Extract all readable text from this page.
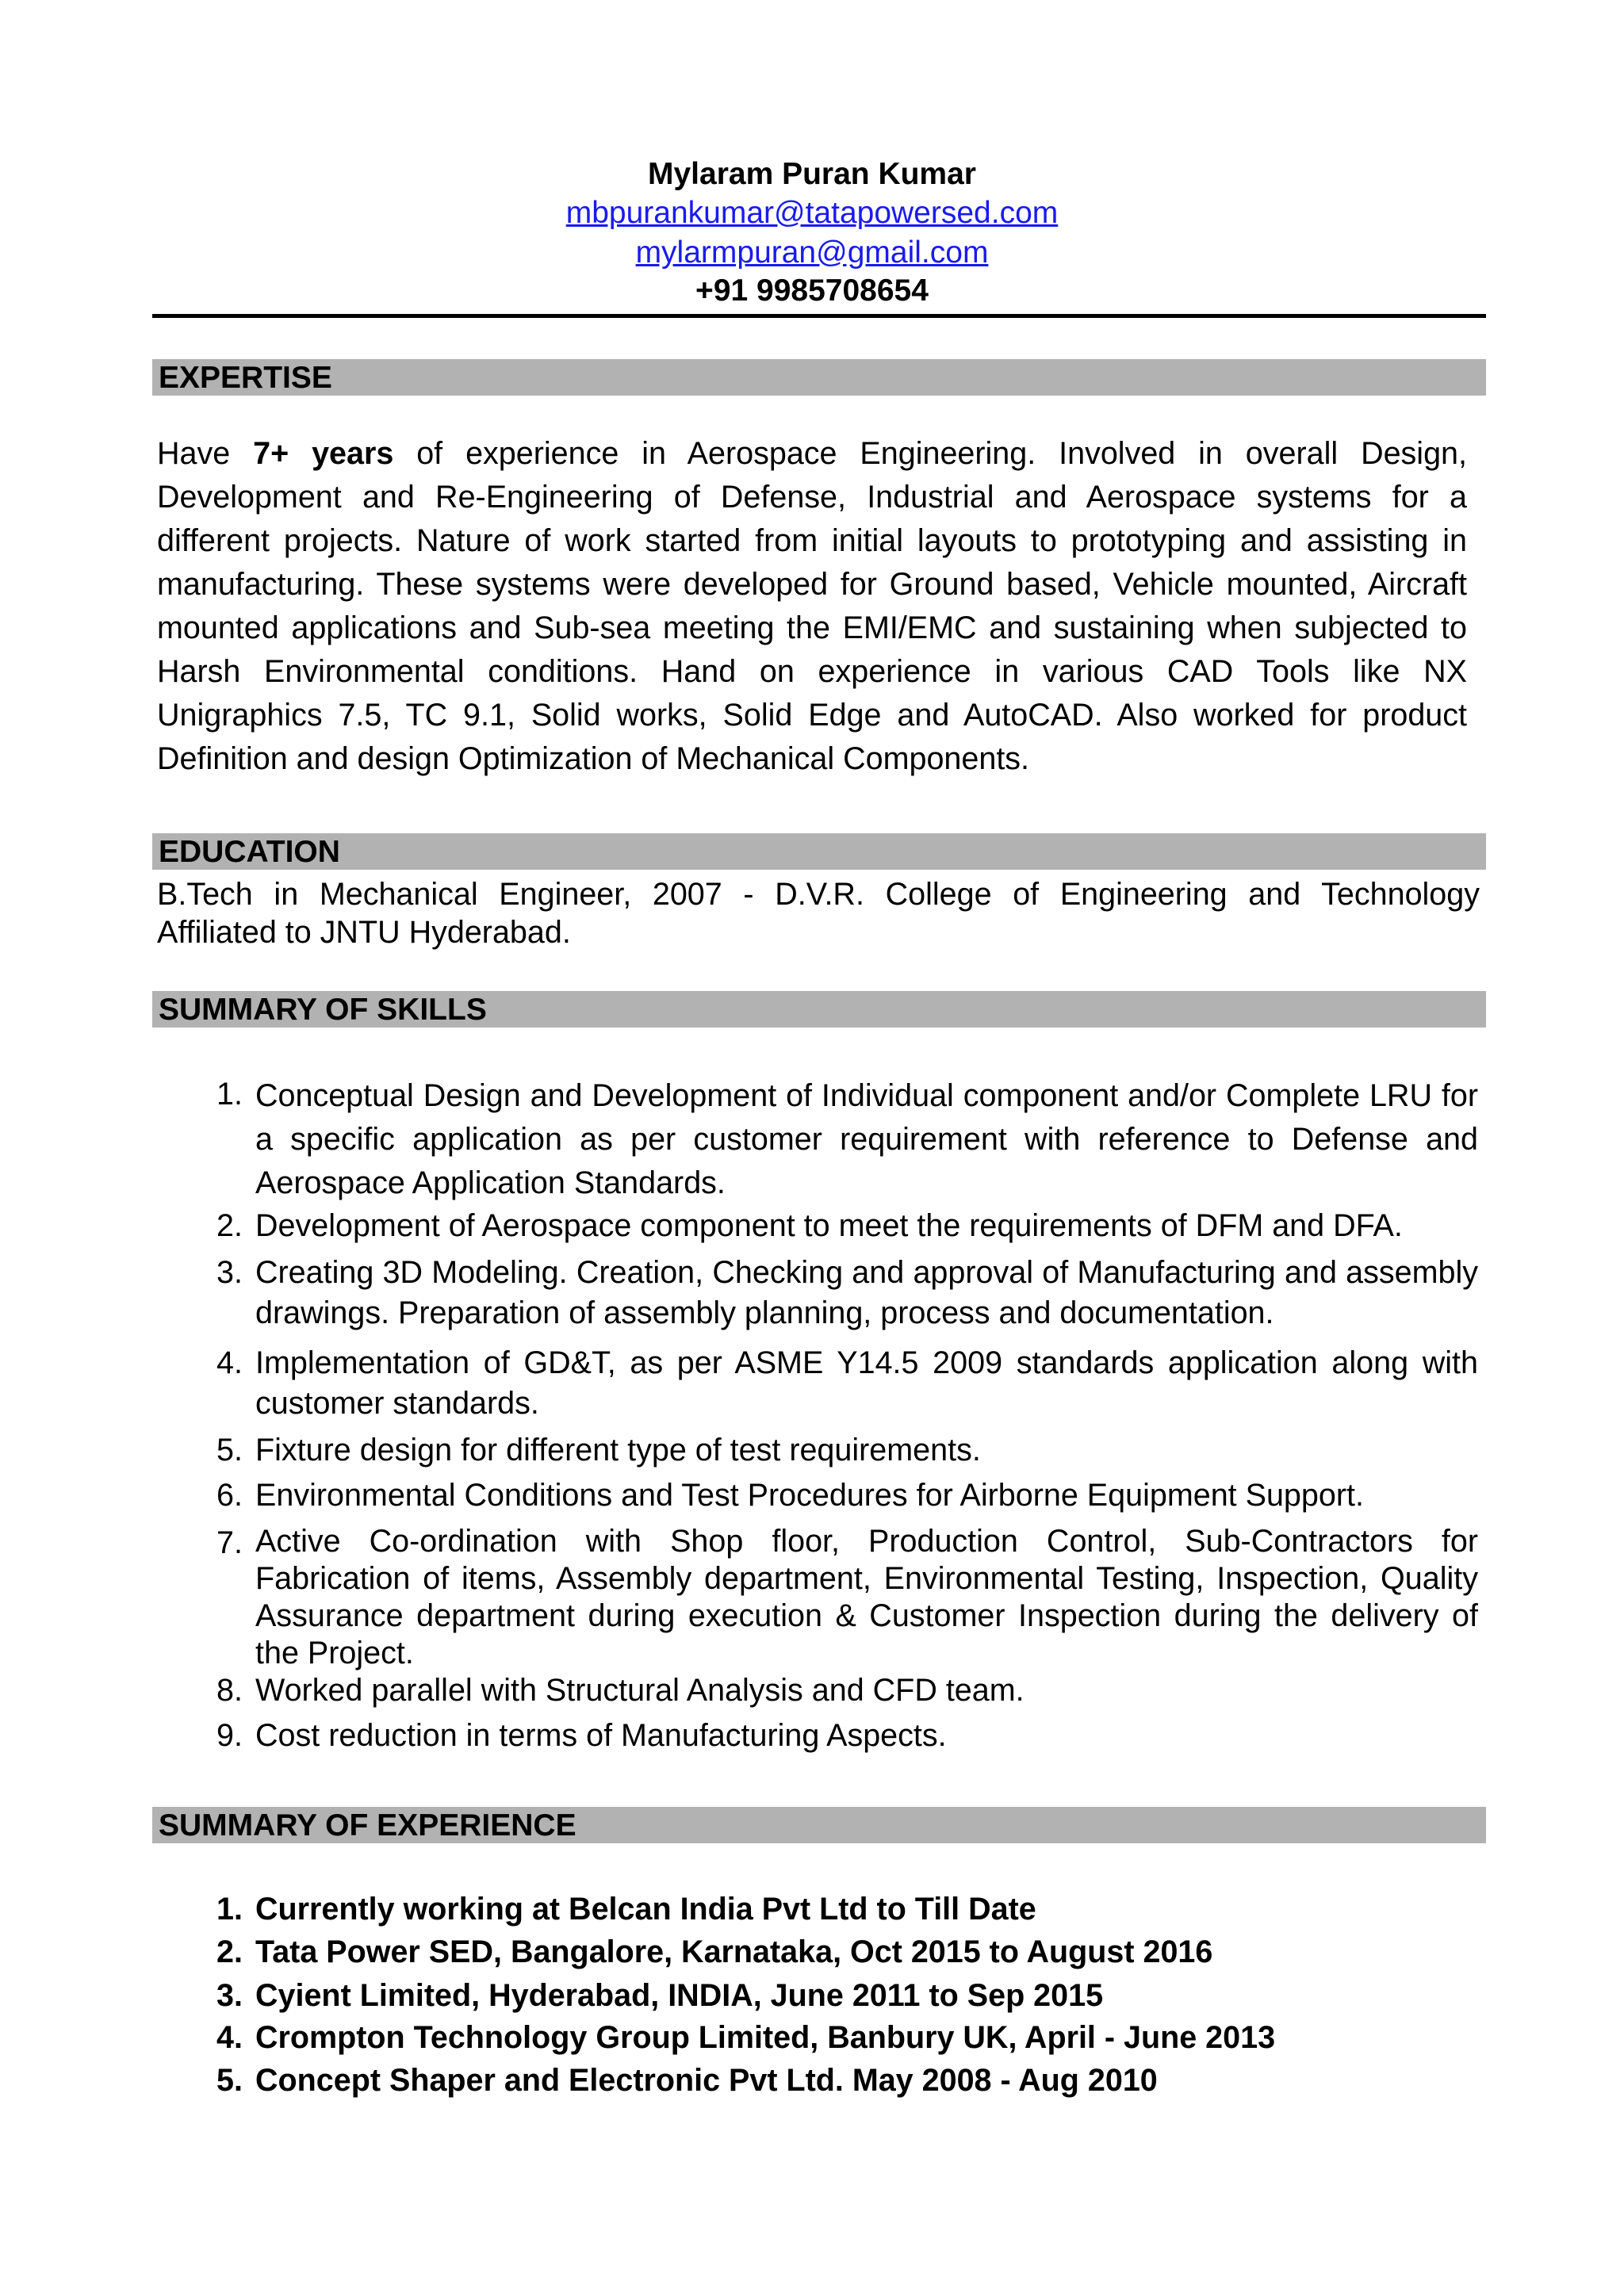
Mylaram Puran Kumar
mbpurankumar@tatapowersed.com
mylarmpuran@gmail.com
+91 9985708654
EXPERTISE
Have 7+ years of experience in Aerospace Engineering. Involved in overall Design, Development and Re-Engineering of Defense, Industrial and Aerospace systems for a different projects. Nature of work started from initial layouts to prototyping and assisting in manufacturing. These systems were developed for Ground based, Vehicle mounted, Aircraft mounted applications and Sub-sea meeting the EMI/EMC and sustaining when subjected to Harsh Environmental conditions. Hand on experience in various CAD Tools like NX Unigraphics 7.5, TC 9.1, Solid works, Solid Edge and AutoCAD. Also worked for product Definition and design Optimization of Mechanical Components.
EDUCATION
B.Tech in Mechanical Engineer, 2007 - D.V.R. College of Engineering and Technology
Affiliated to JNTU Hyderabad.
SUMMARY OF SKILLS
1. Conceptual Design and Development of Individual component and/or Complete LRU for a specific application as per customer requirement with reference to Defense and Aerospace Application Standards.
2. Development of Aerospace component to meet the requirements of DFM and DFA.
3. Creating 3D Modeling. Creation, Checking and approval of Manufacturing and assembly drawings. Preparation of assembly planning, process and documentation.
4. Implementation of GD&T, as per ASME Y14.5 2009 standards application along with customer standards.
5. Fixture design for different type of test requirements.
6. Environmental Conditions and Test Procedures for Airborne Equipment Support.
7. Active Co-ordination with Shop floor, Production Control, Sub-Contractors for Fabrication of items, Assembly department, Environmental Testing, Inspection, Quality Assurance department during execution & Customer Inspection during the delivery of the Project.
8. Worked parallel with Structural Analysis and CFD team.
9. Cost reduction in terms of Manufacturing Aspects.
SUMMARY OF EXPERIENCE
1. Currently working at Belcan India Pvt Ltd to Till Date
2. Tata Power SED, Bangalore, Karnataka, Oct 2015 to August 2016
3. Cyient Limited, Hyderabad, INDIA, June 2011 to Sep 2015
4. Crompton Technology Group Limited, Banbury UK, April - June 2013
5. Concept Shaper and Electronic Pvt Ltd. May 2008 - Aug 2010
